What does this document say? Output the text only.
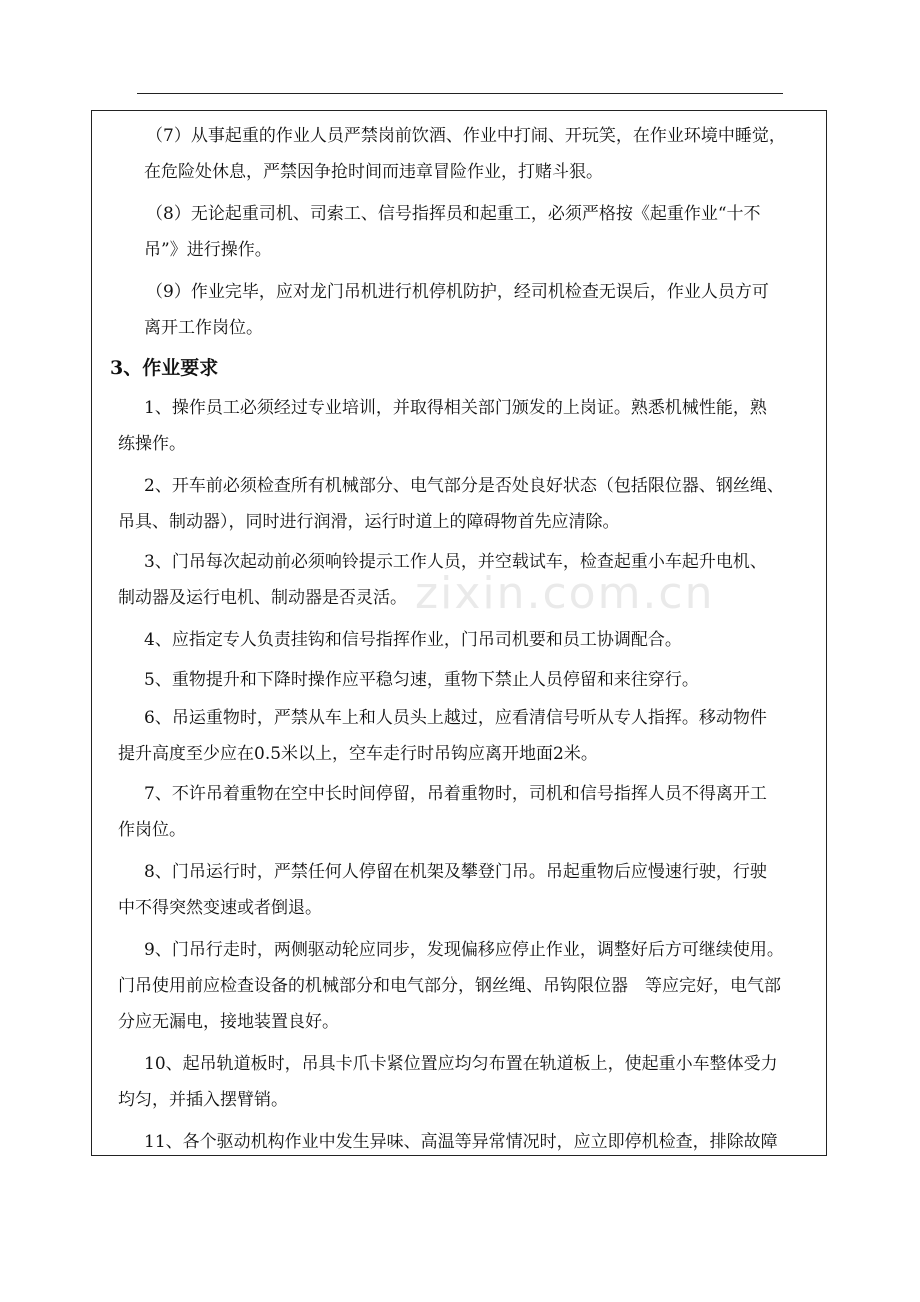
zixin.com.cn
（7）从事起重的作业人员严禁岗前饮酒、作业中打闹、开玩笑，在作业环境中睡觉，
在危险处休息，严禁因争抢时间而违章冒险作业，打赌斗狠。
（8）无论起重司机、司索工、信号指挥员和起重工，必须严格按《起重作业“十不
吊”》进行操作。
（9）作业完毕，应对龙门吊机进行机停机防护，经司机检查无误后，作业人员方可
离开工作岗位。
3、作业要求
1、操作员工必须经过专业培训，并取得相关部门颁发的上岗证。熟悉机械性能，熟
练操作。
2、开车前必须检查所有机械部分、电气部分是否处良好状态（包括限位器、钢丝绳、
吊具、制动器），同时进行润滑，运行时道上的障碍物首先应清除。
3、门吊每次起动前必须响铃提示工作人员，并空载试车，检查起重小车起升电机、
制动器及运行电机、制动器是否灵活。
4、应指定专人负责挂钩和信号指挥作业，门吊司机要和员工协调配合。
5、重物提升和下降时操作应平稳匀速，重物下禁止人员停留和来往穿行。
6、吊运重物时，严禁从车上和人员头上越过，应看清信号听从专人指挥。移动物件
提升高度至少应在0.5米以上，空车走行时吊钩应离开地面2米。
7、不许吊着重物在空中长时间停留，吊着重物时，司机和信号指挥人员不得离开工
作岗位。
8、门吊运行时，严禁任何人停留在机架及攀登门吊。吊起重物后应慢速行驶，行驶
中不得突然变速或者倒退。
9、门吊行走时，两侧驱动轮应同步，发现偏移应停止作业，调整好后方可继续使用。
门吊使用前应检查设备的机械部分和电气部分，钢丝绳、吊钩限位器　等应完好，电气部
分应无漏电，接地装置良好。
10、起吊轨道板时，吊具卡爪卡紧位置应均匀布置在轨道板上，使起重小车整体受力
均匀，并插入摆臂销。
11、各个驱动机构作业中发生异味、高温等异常情况时，应立即停机检查，排除故障
